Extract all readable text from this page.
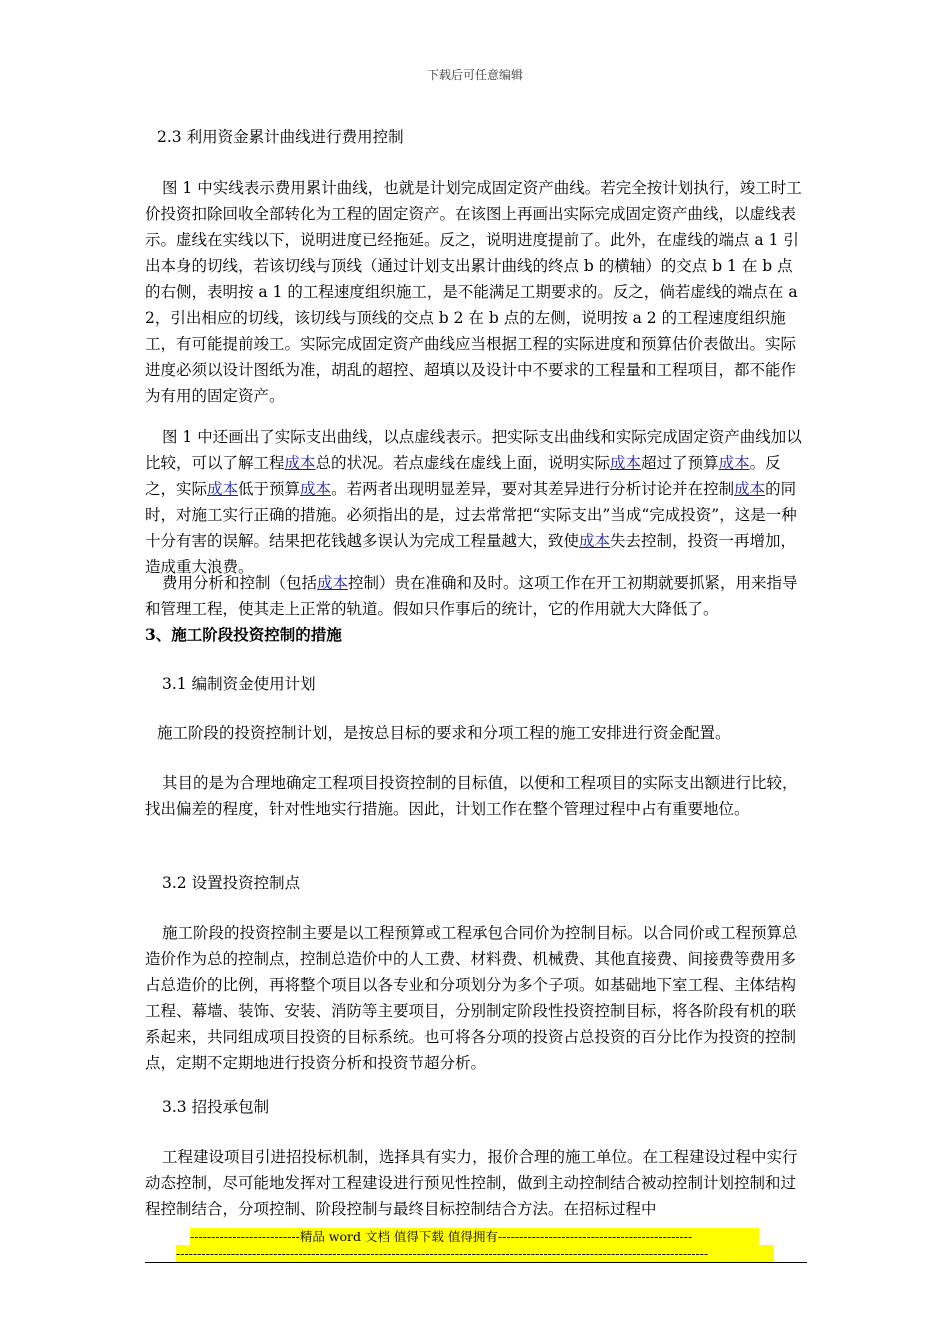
下载后可任意编辑

2.3 利用资金累计曲线进行费用控制

图 1 中实线表示费用累计曲线，也就是计划完成固定资产曲线。若完全按计划执行，竣工时工价投资扣除回收全部转化为工程的固定资产。在该图上再画出实际完成固定资产曲线，以虚线表示。虚线在实线以下，说明进度已经拖延。反之，说明进度提前了。此外，在虚线的端点 a 1 引出本身的切线，若该切线与顶线（通过计划支出累计曲线的终点 b 的横轴）的交点 b 1 在 b 点的右侧，表明按 a 1 的工程速度组织施工，是不能满足工期要求的。反之，倘若虚线的端点在 a 2，引出相应的切线，该切线与顶线的交点 b 2 在 b 点的左侧，说明按 a 2 的工程速度组织施工，有可能提前竣工。实际完成固定资产曲线应当根据工程的实际进度和预算估价表做出。实际进度必须以设计图纸为准，胡乱的超控、超填以及设计中不要求的工程量和工程项目，都不能作为有用的固定资产。

图 1 中还画出了实际支出曲线，以点虚线表示。把实际支出曲线和实际完成固定资产曲线加以比较，可以了解工程成本总的状况。若点虚线在虚线上面，说明实际成本超过了预算成本。反之，实际成本低于预算成本。若两者出现明显差异，要对其差异进行分析讨论并在控制成本的同时，对施工实行正确的措施。必须指出的是，过去常常把“实际支出”当成“完成投资”，这是一种十分有害的误解。结果把花钱越多误认为完成工程量越大，致使成本失去控制，投资一再增加，造成重大浪费。

费用分析和控制（包括成本控制）贵在准确和及时。这项工作在开工初期就要抓紧，用来指导和管理工程，使其走上正常的轨道。假如只作事后的统计，它的作用就大大降低了。

3、施工阶段投资控制的措施

3.1 编制资金使用计划

施工阶段的投资控制计划，是按总目标的要求和分项工程的施工安排进行资金配置。

其目的是为合理地确定工程项目投资控制的目标值，以便和工程项目的实际支出额进行比较，找出偏差的程度，针对性地实行措施。因此，计划工作在整个管理过程中占有重要地位。

3.2 设置投资控制点

施工阶段的投资控制主要是以工程预算或工程承包合同价为控制目标。以合同价或工程预算总造价作为总的控制点，控制总造价中的人工费、材料费、机械费、其他直接费、间接费等费用多占总造价的比例，再将整个项目以各专业和分项划分为多个子项。如基础地下室工程、主体结构工程、幕墙、装饰、安装、消防等主要项目，分别制定阶段性投资控制目标，将各阶段有机的联系起来，共同组成项目投资的目标系统。也可将各分项的投资占总投资的百分比作为投资的控制点，定期不定期地进行投资分析和投资节超分析。

3.3 招投承包制

工程建设项目引进招投标机制，选择具有实力，报价合理的施工单位。在工程建设过程中实行动态控制，尽可能地发挥对工程建设进行预见性控制，做到主动控制结合被动控制计划控制和过程控制结合，分项控制、阶段控制与最终目标控制结合方法。在招标过程中

--------------------------精品 word 文档 值得下载 值得拥有----------------------------------------------
------------------------------------------------------------------------------------------------------------------------------
